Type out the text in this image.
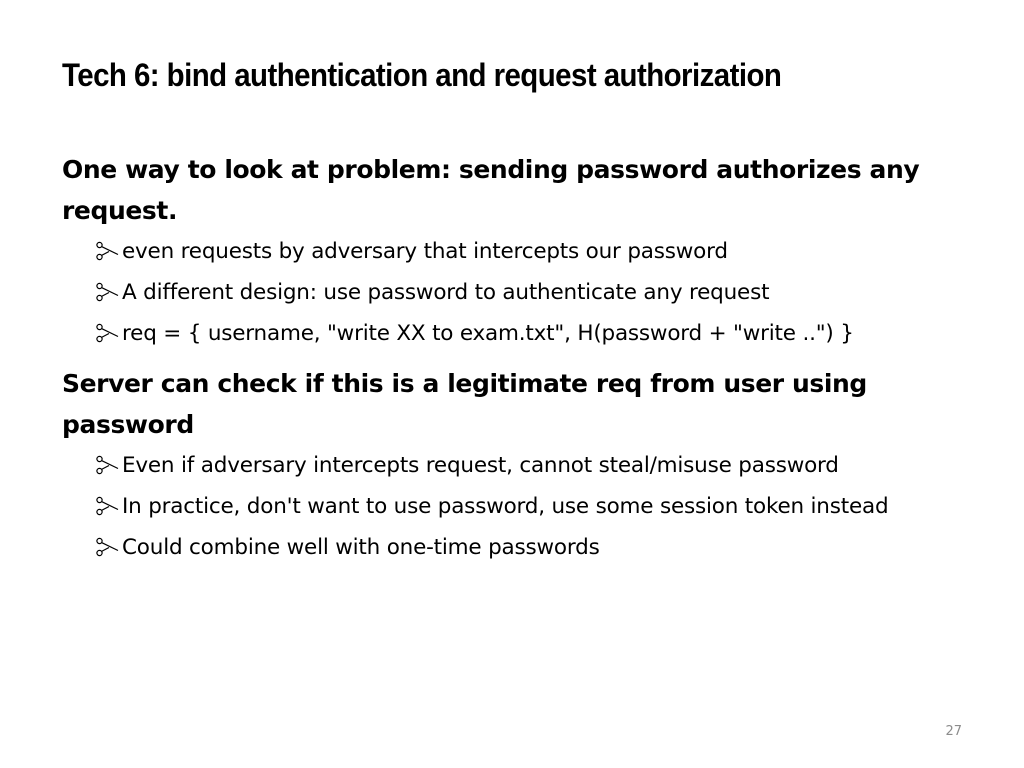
Tech 6: bind authentication and request authorization

One way to look at problem: sending password authorizes any request.

even requests by adversary that intercepts our password
A different design: use password to authenticate any request
req = { username, "write XX to exam.txt", H(password + "write ..") }

Server can check if this is a legitimate req from user using password

Even if adversary intercepts request, cannot steal/misuse password
In practice, don't want to use password, use some session token instead
Could combine well with one-time passwords
27
